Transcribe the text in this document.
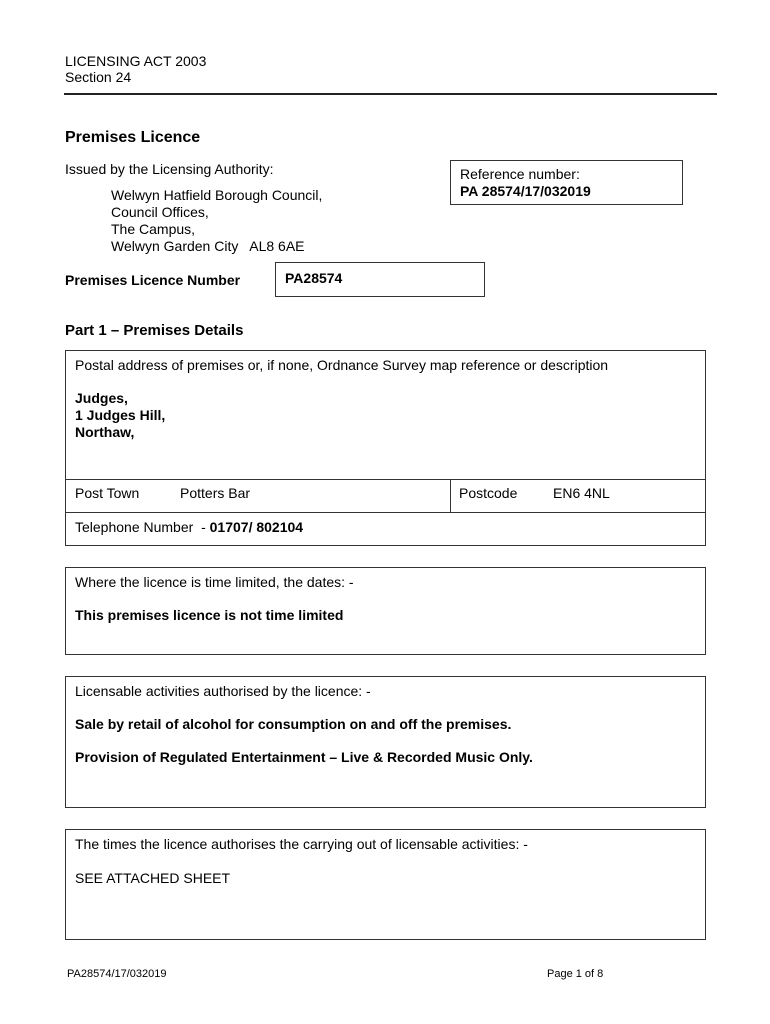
LICENSING ACT 2003
Section 24
Premises Licence
Issued by the Licensing Authority:
Welwyn Hatfield Borough Council,
Council Offices,
The Campus,
Welwyn Garden City   AL8 6AE
Reference number:
PA 28574/17/032019
Premises Licence Number	PA28574
Part 1 – Premises Details
Postal address of premises or, if none, Ordnance Survey map reference or description
Judges,
1 Judges Hill,
Northaw,
Post Town	Potters Bar	Postcode	EN6 4NL
Telephone Number  - 01707/ 802104
Where the licence is time limited, the dates: -
This premises licence is not time limited
Licensable activities authorised by the licence: -
Sale by retail of alcohol for consumption on and off the premises.
Provision of Regulated Entertainment – Live & Recorded Music Only.
The times the licence authorises the carrying out of licensable activities: -
SEE ATTACHED SHEET
PA28574/17/032019	Page 1 of 8
